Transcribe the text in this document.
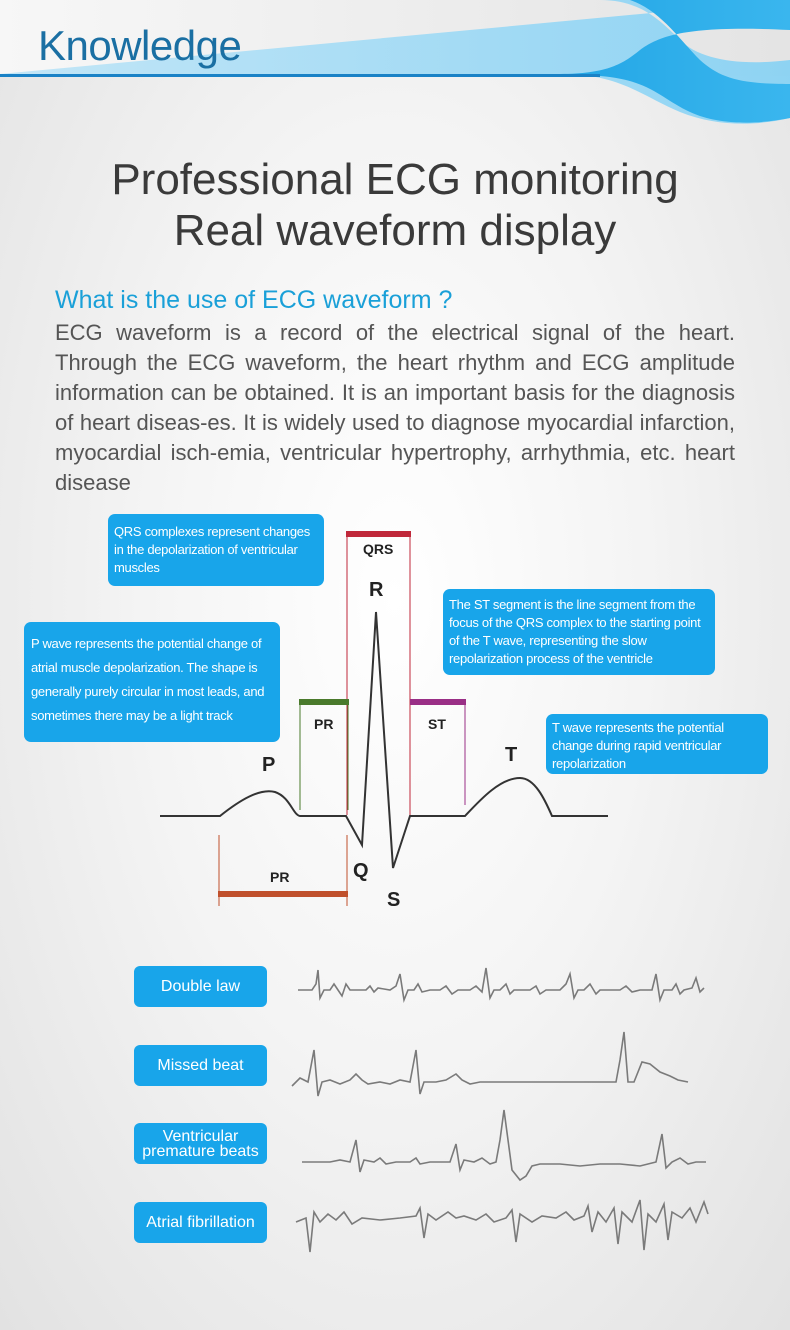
Knowledge
Professional ECG monitoring
Real waveform display
What is the use of ECG waveform ?
ECG waveform is a record of the electrical signal of the heart. Through the ECG waveform, the heart rhythm and ECG amplitude information can be obtained. It is an important basis for the diagnosis of heart diseas-es. It is widely used to diagnose myocardial infarction, myocardial isch-emia, ventricular hypertrophy, arrhythmia, etc. heart disease
QRS
PR	ST
PR
P
R
Q
S
T
QRS complexes represent changes in the depolarization of ventricular muscles
P wave represents the potential change of atrial muscle depolarization. The shape is generally purely circular in most leads, and sometimes there may be a light track
The ST segment is the line segment from the focus of the QRS complex to the starting point of the T wave, representing the slow repolarization process of the ventricle
T wave represents the potential change during rapid ventricular repolarization
Double law
Missed beat
Ventricular premature beats
Atrial fibrillation
